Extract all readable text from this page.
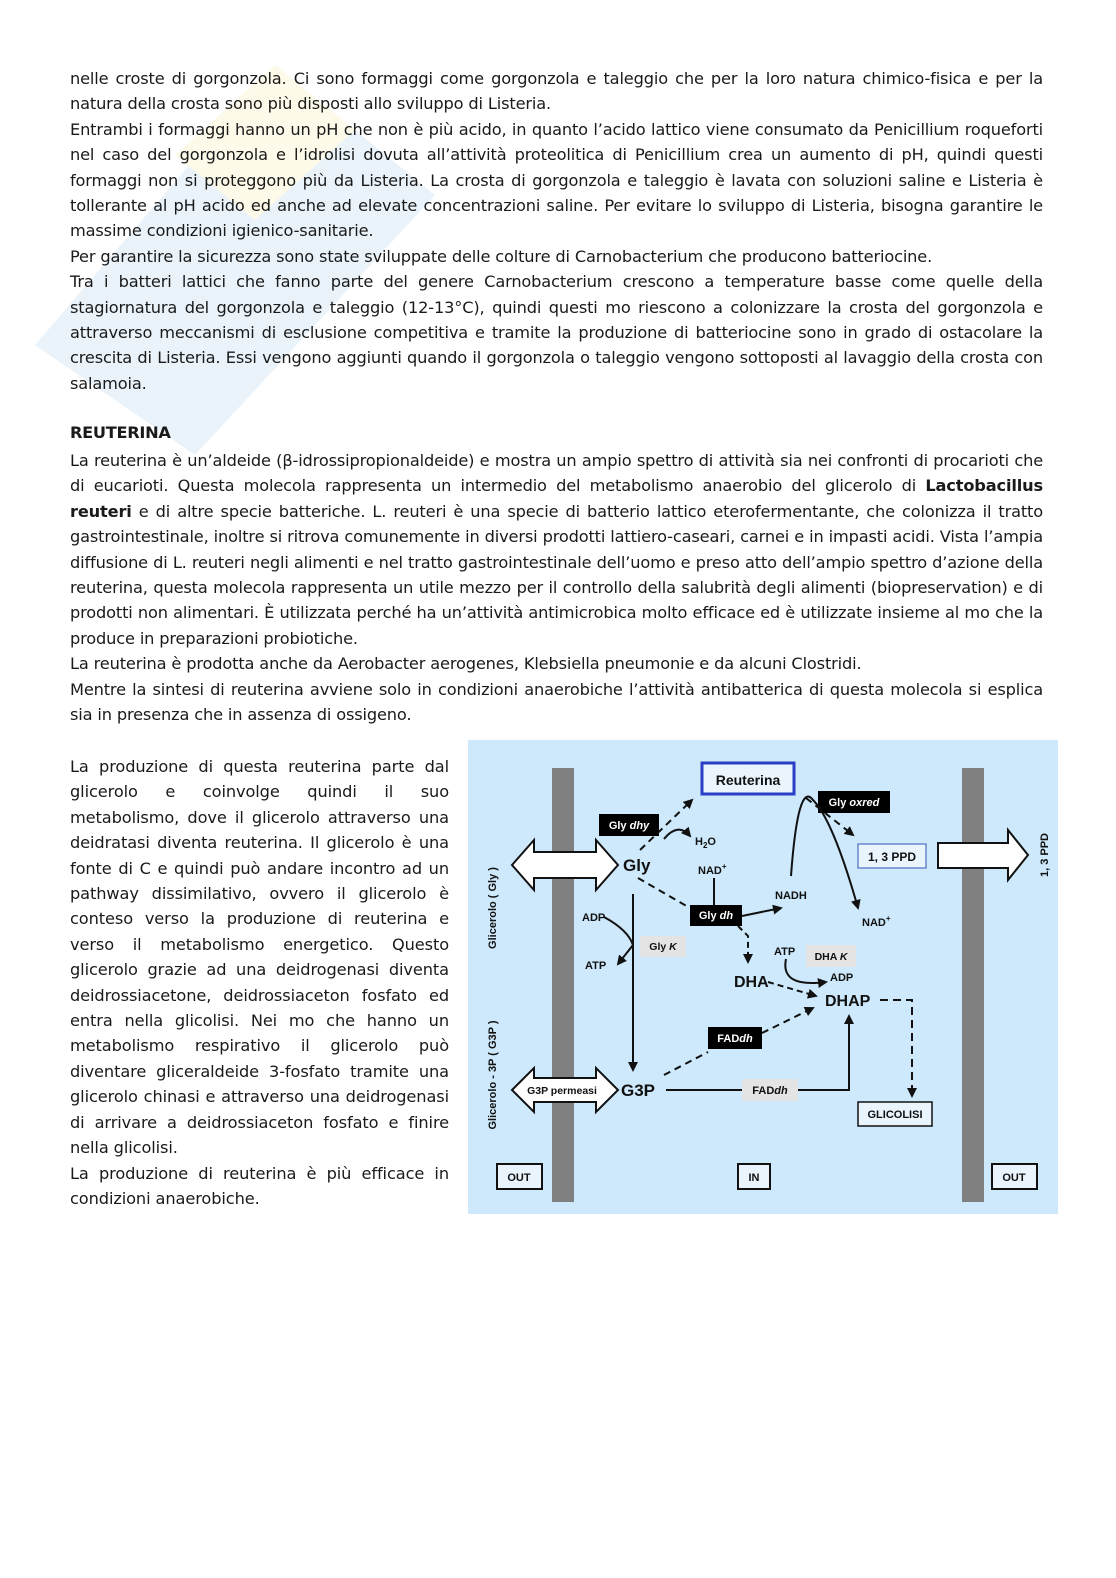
nelle croste di gorgonzola. Ci sono formaggi come gorgonzola e taleggio che per la loro natura chimico-fisica e per la natura della crosta sono più disposti allo sviluppo di Listeria.

Entrambi i formaggi hanno un pH che non è più acido, in quanto l’acido lattico viene consumato da Penicillium roqueforti nel caso del gorgonzola e l’idrolisi dovuta all’attività proteolitica di Penicillium crea un aumento di pH, quindi questi formaggi non si proteggono più da Listeria. La crosta di gorgonzola e taleggio è lavata con soluzioni saline e Listeria è tollerante al pH acido ed anche ad elevate concentrazioni saline. Per evitare lo sviluppo di Listeria, bisogna garantire le massime condizioni igienico-sanitarie.

Per garantire la sicurezza sono state sviluppate delle colture di Carnobacterium che producono batteriocine.

Tra i batteri lattici che fanno parte del genere Carnobacterium crescono a temperature basse come quelle della stagiornatura del gorgonzola e taleggio (12-13°C), quindi questi mo riescono a colonizzare la crosta del gorgonzola e attraverso meccanismi di esclusione competitiva e tramite la produzione di batteriocine sono in grado di ostacolare la crescita di Listeria. Essi vengono aggiunti quando il gorgonzola o taleggio vengono sottoposti al lavaggio della crosta con salamoia.

REUTERINA

La reuterina è un’aldeide (β-idrossipropionaldeide) e mostra un ampio spettro di attività sia nei confronti di procarioti che di eucarioti. Questa molecola rappresenta un intermedio del metabolismo anaerobio del glicerolo di Lactobacillus reuteri e di altre specie batteriche. L. reuteri è una specie di batterio lattico eterofermentante, che colonizza il tratto gastrointestinale, inoltre si ritrova comunemente in diversi prodotti lattiero-caseari, carnei e in impasti acidi. Vista l’ampia diffusione di L. reuteri negli alimenti e nel tratto gastrointestinale dell’uomo e preso atto dell’ampio spettro d’azione della reuterina, questa molecola rappresenta un utile mezzo per il controllo della salubrità degli alimenti (biopreservation) e di prodotti non alimentari. È utilizzata perché ha un’attività antimicrobica molto efficace ed è utilizzate insieme al mo che la produce in preparazioni probiotiche.

La reuterina è prodotta anche da Aerobacter aerogenes, Klebsiella pneumonie e da alcuni Clostridi.

Mentre la sintesi di reuterina avviene solo in condizioni anaerobiche l’attività antibatterica di questa molecola si esplica sia in presenza che in assenza di ossigeno.

La produzione di questa reuterina parte dal glicerolo e coinvolge quindi il suo metabolismo, dove il glicerolo attraverso una deidratasi diventa reuterina. Il glicerolo è una fonte di C e quindi può andare incontro ad un pathway dissimilativo, ovvero il glicerolo è conteso verso la produzione di reuterina e verso il metabolismo energetico. Questo glicerolo grazie ad una deidrogenasi diventa deidrossiacetone, deidrossiaceton fosfato ed entra nella glicolisi. Nei mo che hanno un metabolismo respirativo il glicerolo può diventare gliceraldeide 3-fosfato tramite una glicerolo chinasi e attraverso una deidrogenasi di arrivare a deidrossiaceton fosfato e finire nella glicolisi.

La produzione di reuterina è più efficace in condizioni anaerobiche.

Glicerolo ( Gly )
Glicerolo - 3P ( G3P )
1, 3 PPD
G3P permeasi
Reuterina
Gly dhy
Gly oxred
1, 3 PPD
Gly
$H_2O$
NAD+
NADH
NAD+
Gly dh
ADP
ATP
Gly K	ATP DHA K
ADP
DHA
DHAP
FADdh
G3P	FADdh
GLICOLISI
OUT	IN	OUT
